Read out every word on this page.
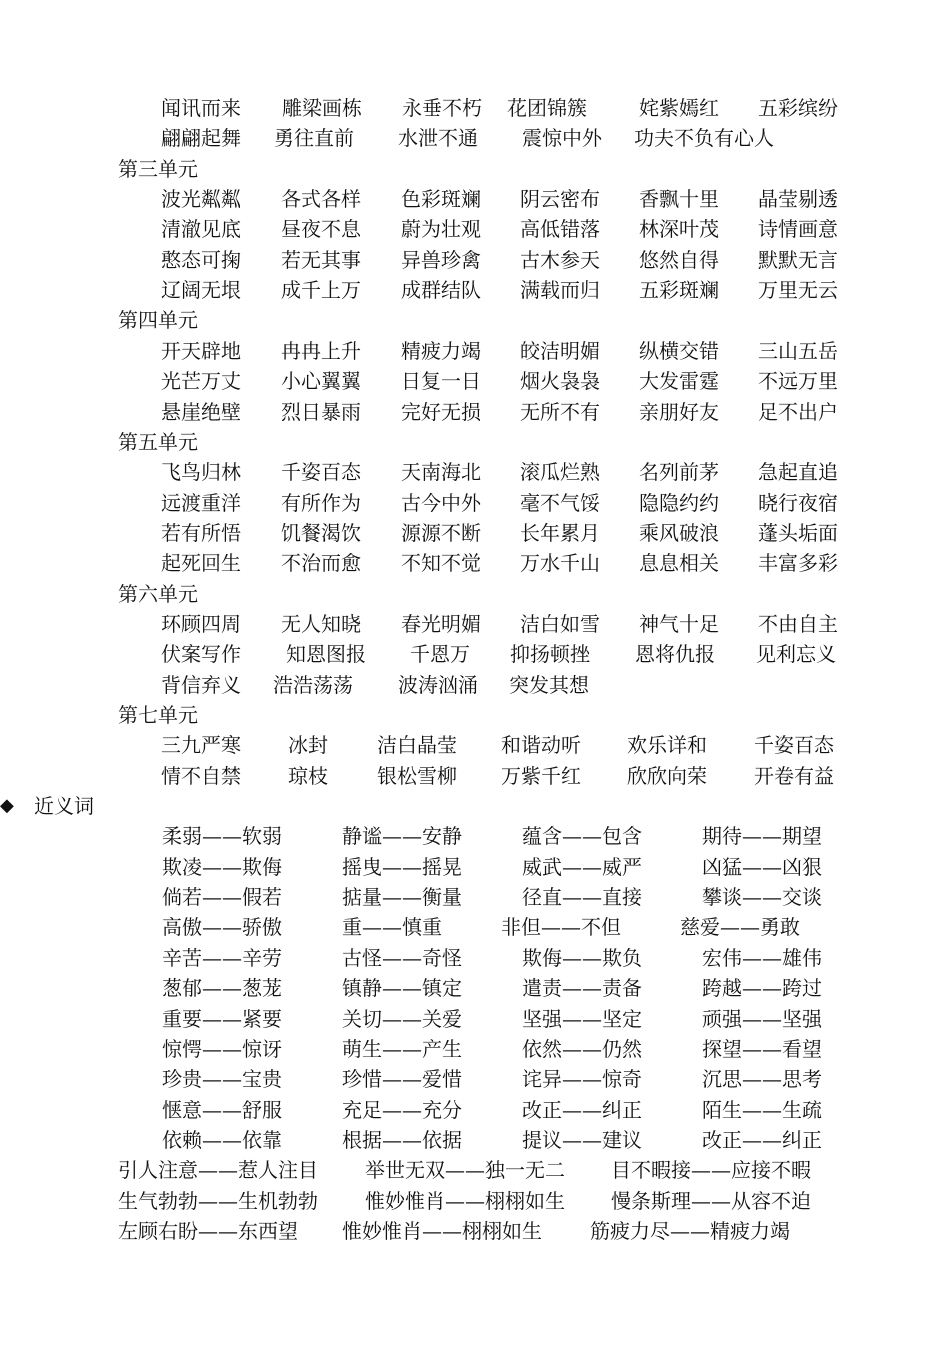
闻讯而来 雕梁画栋 永垂不朽 花团锦簇	姹紫嫣红 五彩缤纷
翩翩起舞 勇往直前 水泄不通 震惊中外 功夫不负有心人
第三单元
波光粼粼 各式各样 色彩斑斓 阴云密布 香飘十里 晶莹剔透
清澈见底 昼夜不息 蔚为壮观 高低错落 林深叶茂 诗情画意
憨态可掬 若无其事 异兽珍禽 古木参天 悠然自得 默默无言
辽阔无垠 成千上万 成群结队 满载而归 五彩斑斓 万里无云
第四单元
开天辟地 冉冉上升 精疲力竭 皎洁明媚 纵横交错 三山五岳
光芒万丈 小心翼翼 日复一日 烟火袅袅 大发雷霆 不远万里
悬崖绝壁 烈日暴雨 完好无损 无所不有 亲朋好友 足不出户
第五单元
飞鸟归林 千姿百态 天南海北 滚瓜烂熟 名列前茅 急起直追
远渡重洋 有所作为 古今中外 毫不气馁 隐隐约约 晓行夜宿
若有所悟 饥餐渴饮 源源不断 长年累月 乘风破浪 蓬头垢面
起死回生 不治而愈 不知不觉 万水千山 息息相关 丰富多彩
第六单元
环顾四周 无人知晓 春光明媚 洁白如雪 神气十足 不由自主
伏案写作 知恩图报 千恩万 抑扬顿挫 恩将仇报 见利忘义
背信弃义 浩浩荡荡 波涛汹涌 突发其想
第七单元
三九严寒 冰封 洁白晶莹 和谐动听 欢乐详和 千姿百态
情不自禁 琼枝 银松雪柳 万紫千红 欣欣向荣 开卷有益
◆ 近义词
柔弱——软弱	静谧——安静	蕴含——包含	期待——期望
欺凌——欺侮	摇曳——摇晃	威武——威严	凶猛——凶狠
倘若——假若	掂量——衡量	径直——直接	攀谈——交谈
高傲——骄傲	重——慎重	非但——不但	慈爱——勇敢
辛苦——辛劳	古怪——奇怪	欺侮——欺负	宏伟——雄伟
葱郁——葱茏	镇静——镇定	遣责——责备	跨越——跨过
重要——紧要	关切——关爱	坚强——坚定	顽强——坚强
惊愕——惊讶	萌生——产生	依然——仍然	探望——看望
珍贵——宝贵	珍惜——爱惜	诧异——惊奇	沉思——思考
惬意——舒服	充足——充分	改正——纠正	陌生——生疏
依赖——依靠	根据——依据	提议——建议	改正——纠正
引人注意——惹人注目 举世无双——独一无二 目不暇接——应接不暇
生气勃勃——生机勃勃 惟妙惟肖——栩栩如生 慢条斯理——从容不迫
左顾右盼——东西望 惟妙惟肖——栩栩如生 筋疲力尽——精疲力竭
